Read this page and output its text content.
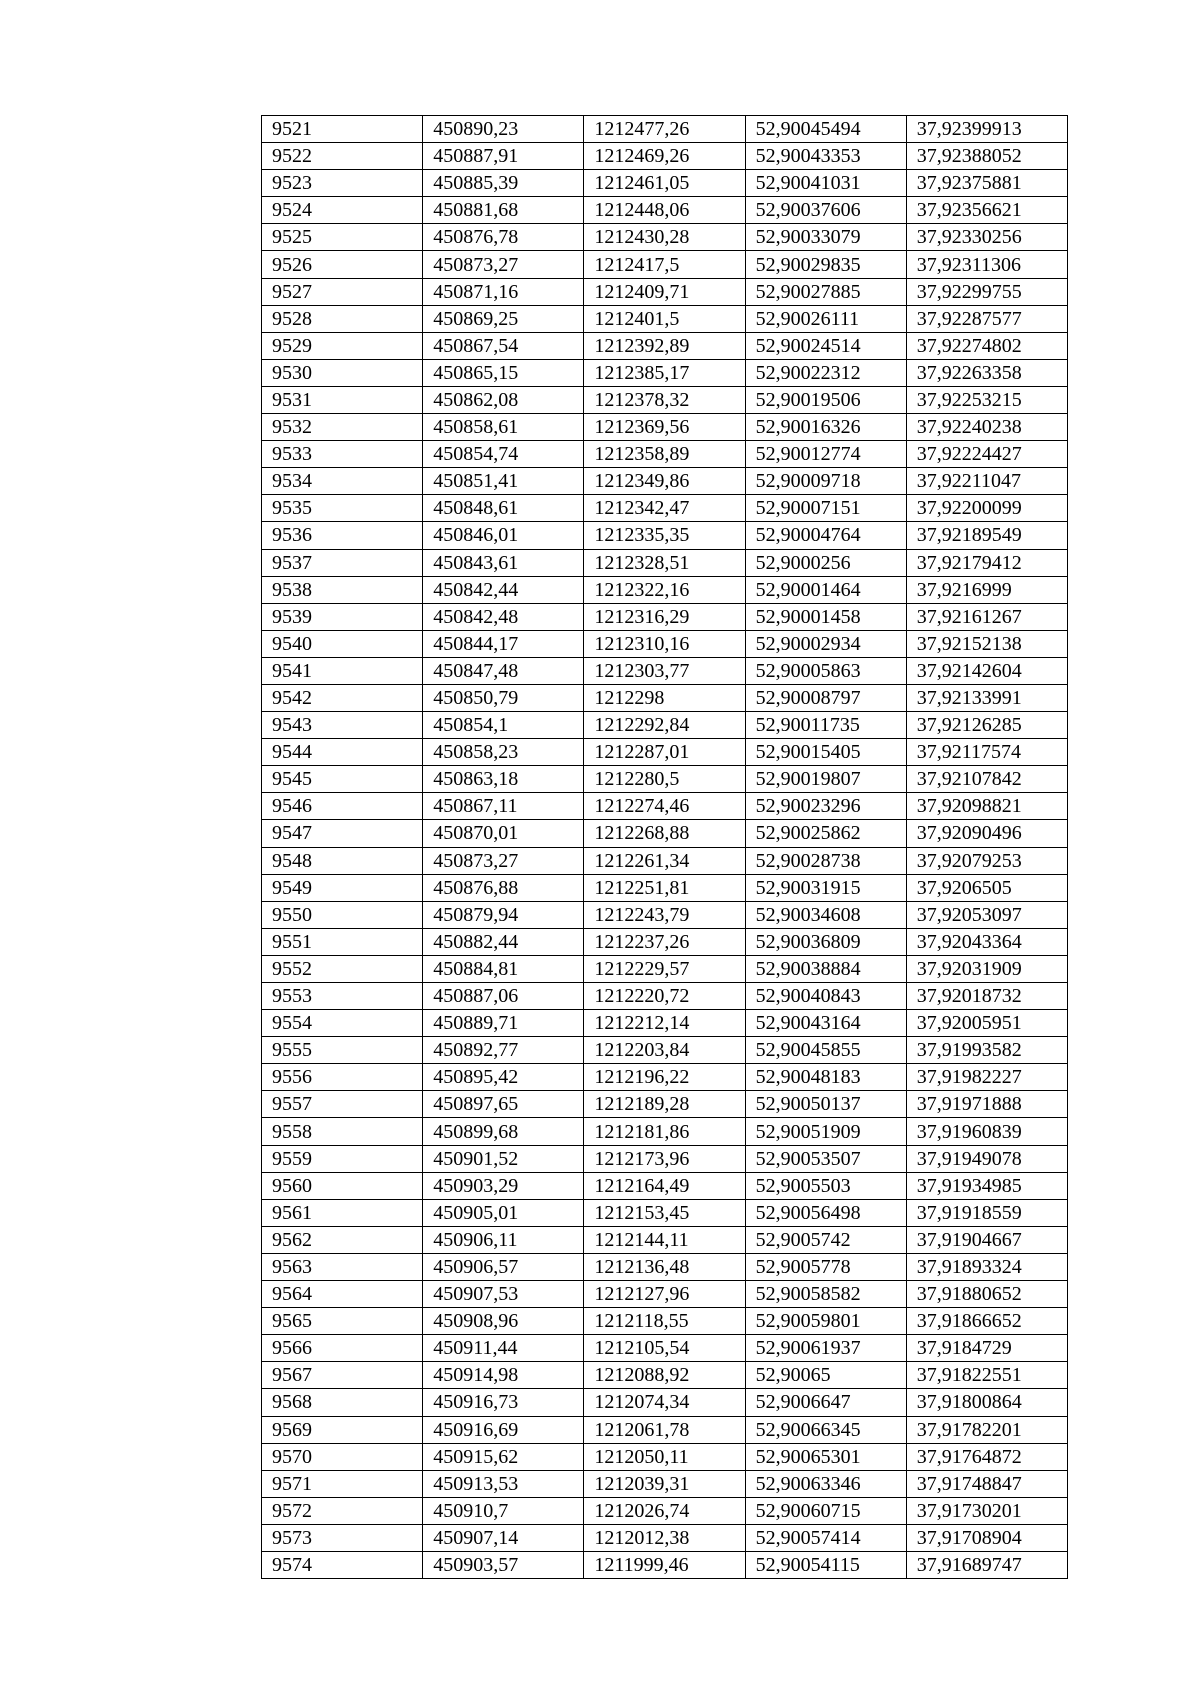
9521	450890,23	1212477,26	52,90045494	37,92399913
9522	450887,91	1212469,26	52,90043353	37,92388052
9523	450885,39	1212461,05	52,90041031	37,92375881
9524	450881,68	1212448,06	52,90037606	37,92356621
9525	450876,78	1212430,28	52,90033079	37,92330256
9526	450873,27	1212417,5	52,90029835	37,92311306
9527	450871,16	1212409,71	52,90027885	37,92299755
9528	450869,25	1212401,5	52,90026111	37,92287577
9529	450867,54	1212392,89	52,90024514	37,92274802
9530	450865,15	1212385,17	52,90022312	37,92263358
9531	450862,08	1212378,32	52,90019506	37,92253215
9532	450858,61	1212369,56	52,90016326	37,92240238
9533	450854,74	1212358,89	52,90012774	37,92224427
9534	450851,41	1212349,86	52,90009718	37,92211047
9535	450848,61	1212342,47	52,90007151	37,92200099
9536	450846,01	1212335,35	52,90004764	37,92189549
9537	450843,61	1212328,51	52,9000256	37,92179412
9538	450842,44	1212322,16	52,90001464	37,9216999
9539	450842,48	1212316,29	52,90001458	37,92161267
9540	450844,17	1212310,16	52,90002934	37,92152138
9541	450847,48	1212303,77	52,90005863	37,92142604
9542	450850,79	1212298	52,90008797	37,92133991
9543	450854,1	1212292,84	52,90011735	37,92126285
9544	450858,23	1212287,01	52,90015405	37,92117574
9545	450863,18	1212280,5	52,90019807	37,92107842
9546	450867,11	1212274,46	52,90023296	37,92098821
9547	450870,01	1212268,88	52,90025862	37,92090496
9548	450873,27	1212261,34	52,90028738	37,92079253
9549	450876,88	1212251,81	52,90031915	37,9206505
9550	450879,94	1212243,79	52,90034608	37,92053097
9551	450882,44	1212237,26	52,90036809	37,92043364
9552	450884,81	1212229,57	52,90038884	37,92031909
9553	450887,06	1212220,72	52,90040843	37,92018732
9554	450889,71	1212212,14	52,90043164	37,92005951
9555	450892,77	1212203,84	52,90045855	37,91993582
9556	450895,42	1212196,22	52,90048183	37,91982227
9557	450897,65	1212189,28	52,90050137	37,91971888
9558	450899,68	1212181,86	52,90051909	37,91960839
9559	450901,52	1212173,96	52,90053507	37,91949078
9560	450903,29	1212164,49	52,9005503	37,91934985
9561	450905,01	1212153,45	52,90056498	37,91918559
9562	450906,11	1212144,11	52,9005742	37,91904667
9563	450906,57	1212136,48	52,9005778	37,91893324
9564	450907,53	1212127,96	52,90058582	37,91880652
9565	450908,96	1212118,55	52,90059801	37,91866652
9566	450911,44	1212105,54	52,90061937	37,9184729
9567	450914,98	1212088,92	52,90065	37,91822551
9568	450916,73	1212074,34	52,9006647	37,91800864
9569	450916,69	1212061,78	52,90066345	37,91782201
9570	450915,62	1212050,11	52,90065301	37,91764872
9571	450913,53	1212039,31	52,90063346	37,91748847
9572	450910,7	1212026,74	52,90060715	37,91730201
9573	450907,14	1212012,38	52,90057414	37,91708904
9574	450903,57	1211999,46	52,90054115	37,91689747
